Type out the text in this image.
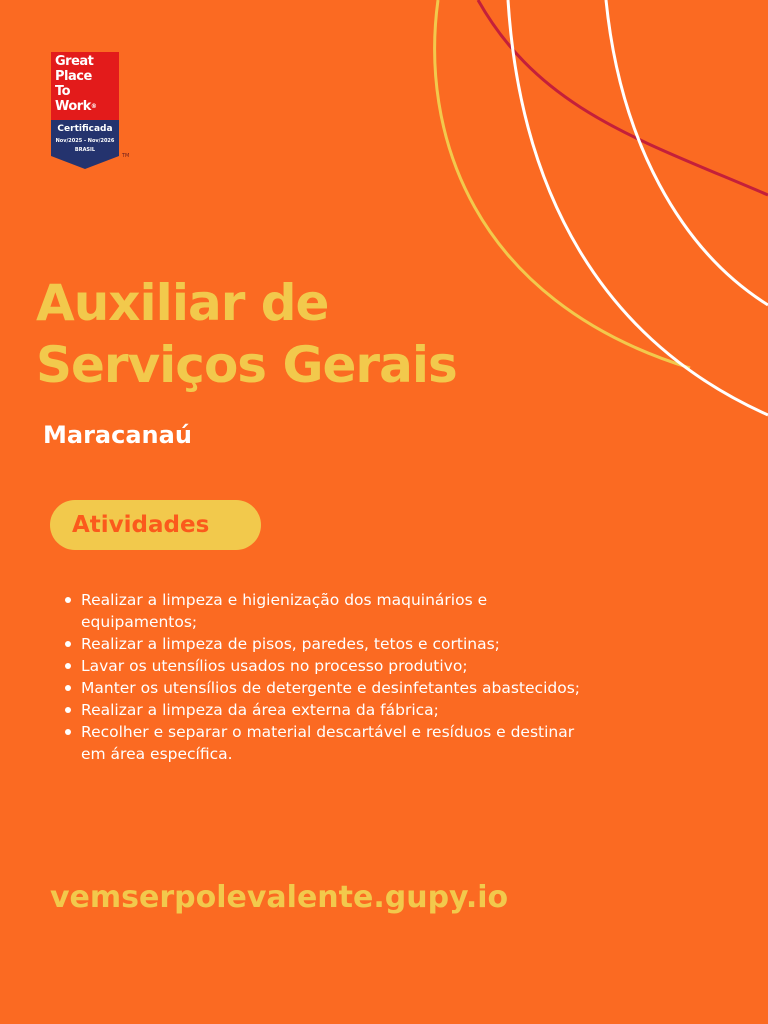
Great
Place
To
Work®
Certificada
Nov/2025 - Nov/2026
BRASIL
TM
Auxiliar de
Serviços Gerais
Maracanaú
Atividades
Realizar a limpeza e higienização dos maquinários e equipamentos;
Realizar a limpeza de pisos, paredes, tetos e cortinas;
Lavar os utensílios usados no processo produtivo;
Manter os utensílios de detergente e desinfetantes abastecidos;
Realizar a limpeza da área externa da fábrica;
Recolher e separar o material descartável e resíduos e destinar em área específica.

vemserpolevalente.gupy.io
